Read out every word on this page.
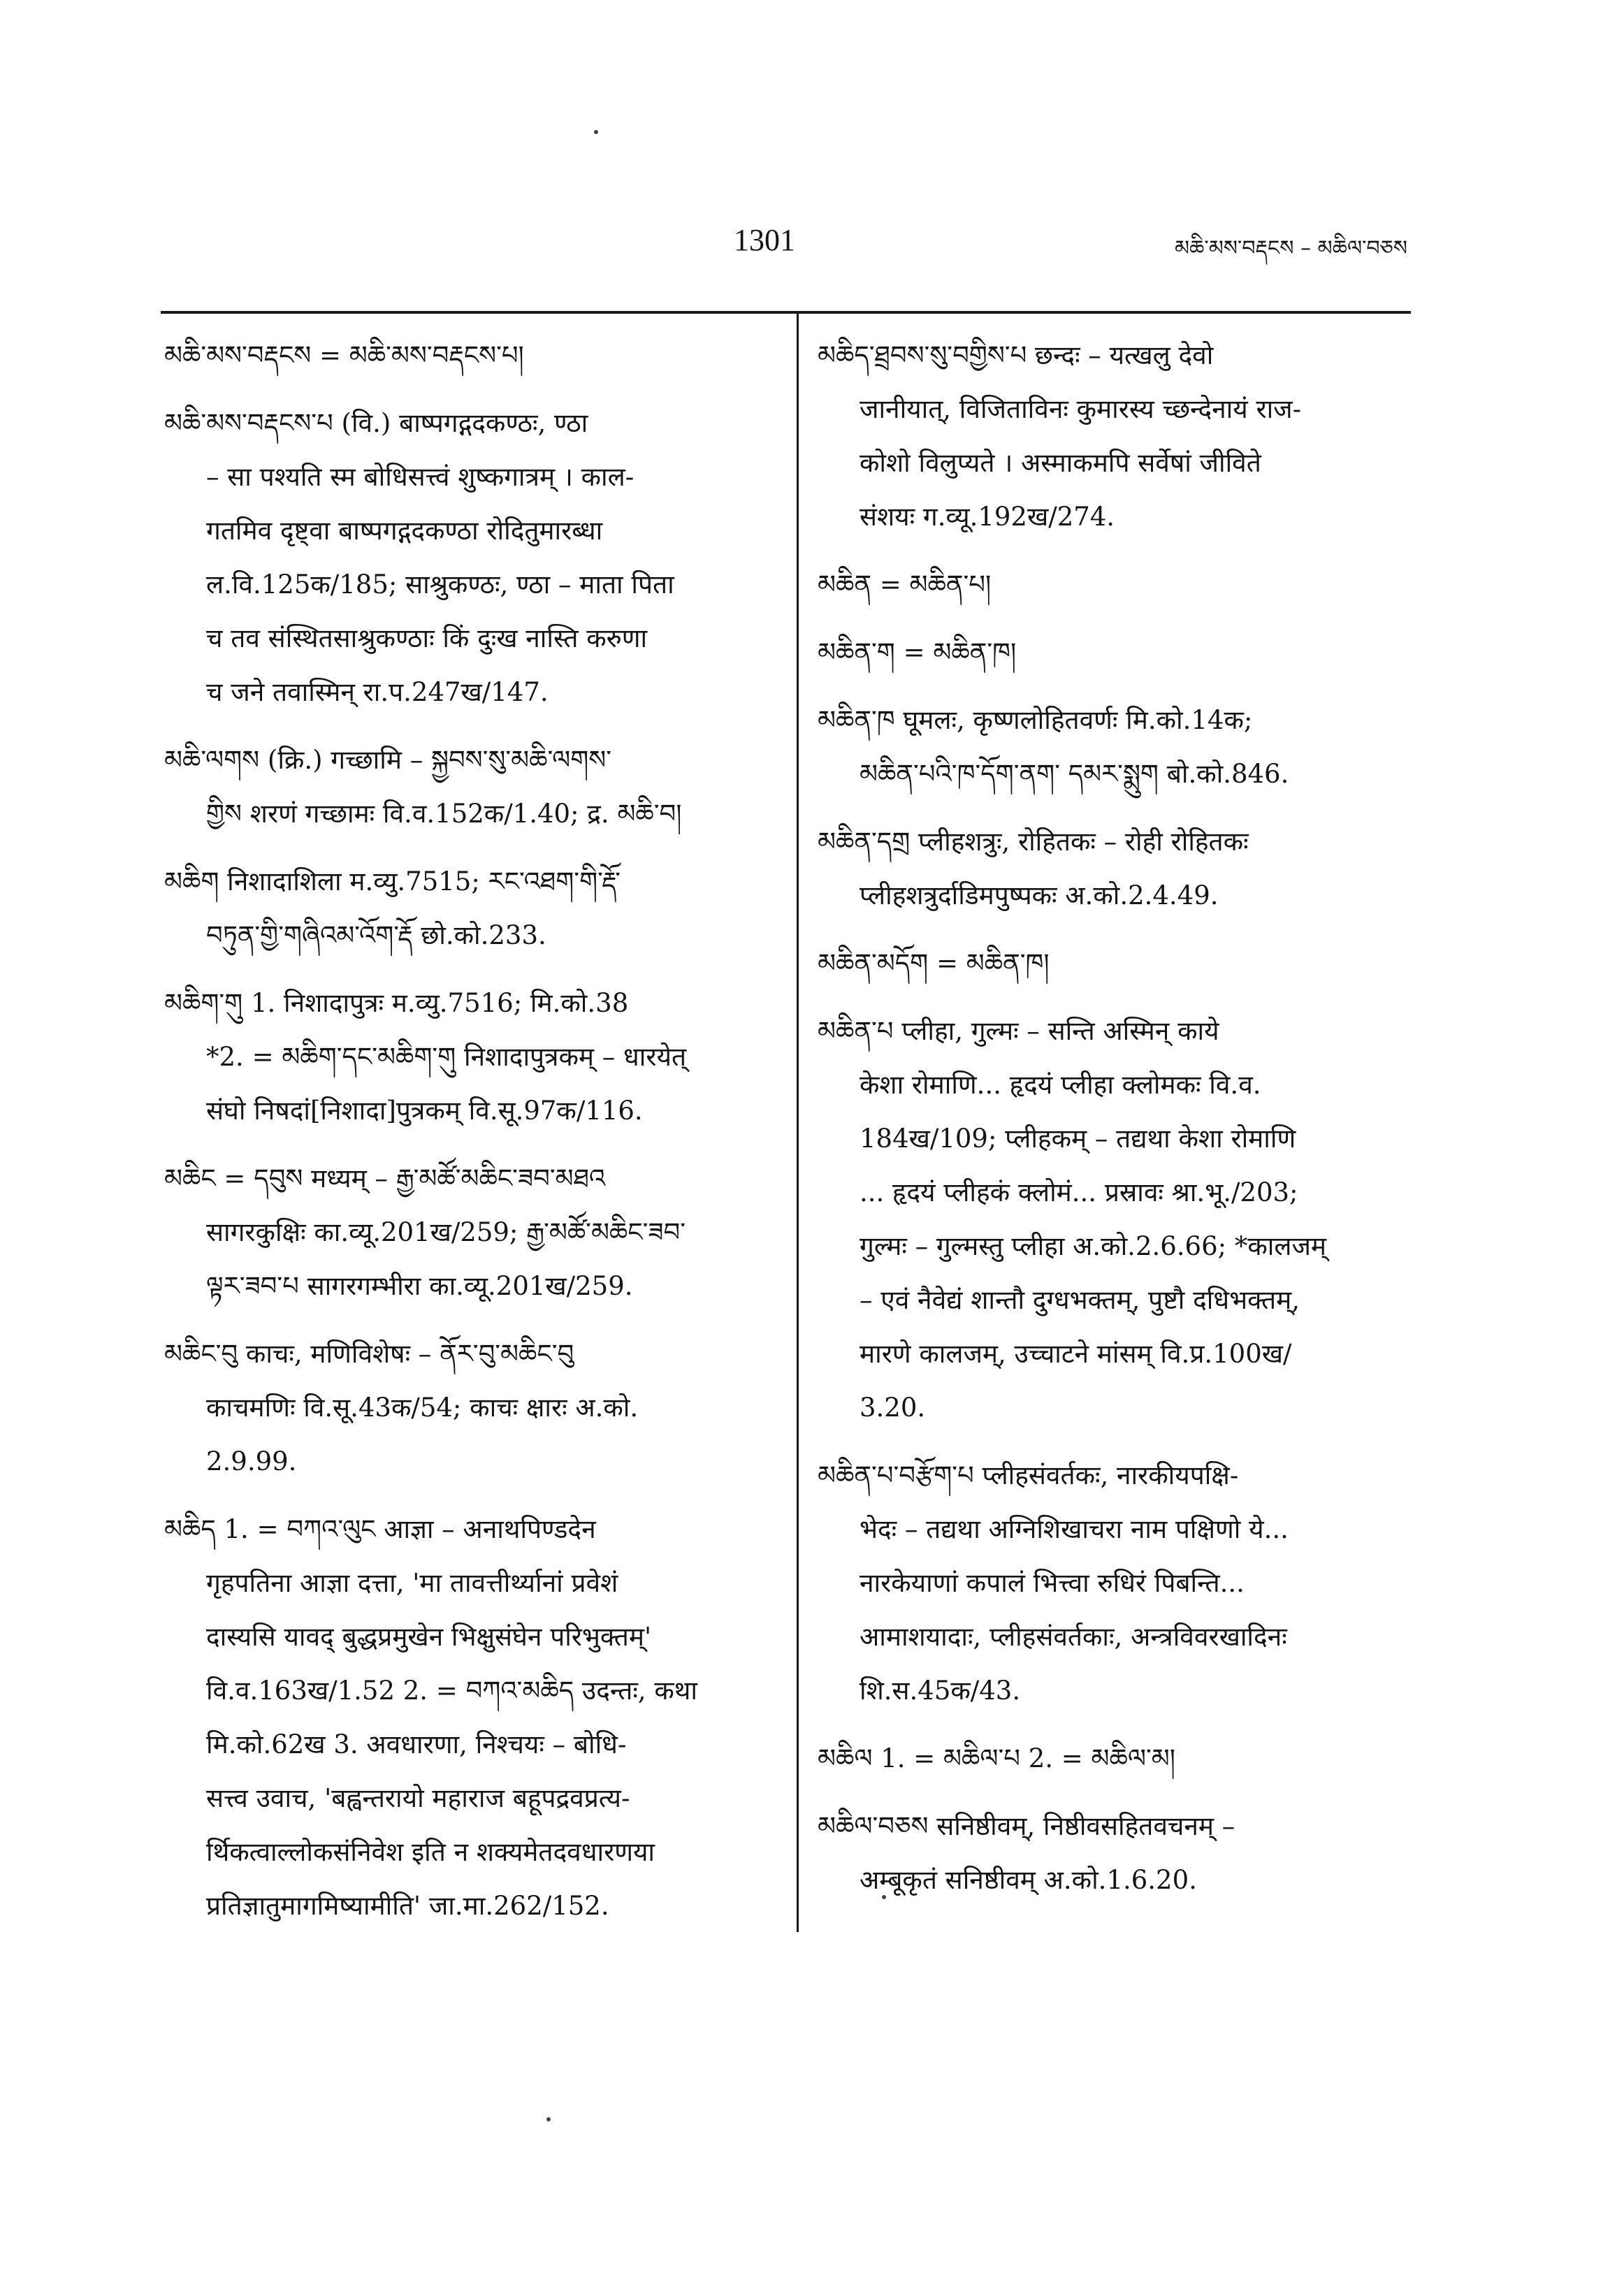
1301	མཆི་མས་བརྡངས – མཆིལ་བཅས
མཆི་མས་བརྡངས = མཆི་མས་བརྡངས་པ།
མཆི་མས་བརྡངས་པ (वि.) बाष्पगद्गदकण्ठः, ण्ठा
– सा पश्यति स्म बोधिसत्त्वं शुष्कगात्रम् । काल-
गतमिव दृष्ट्वा बाष्पगद्गदकण्ठा रोदितुमारब्धा
ल.वि.125क/185; साश्रुकण्ठः, ण्ठा – माता पिता
च तव संस्थितसाश्रुकण्ठाः किं दुःख नास्ति करुणा
च जने तवास्मिन् रा.प.247ख/147.
མཆི་ལགས (क्रि.) गच्छामि – སྐྱབས་སུ་མཆི་ལགས་
གྱིས शरणं गच्छामः वि.व.152क/1.40; द्र. མཆི་བ།
མཆིག निशादाशिला म.व्यु.7515; རང་འཐག་གི་རྡོ་
བཏུན་གྱི་གཞིའམ་འོག་རྡོ छो.को.233.
མཆིག་གུ 1. निशादापुत्रः म.व्यु.7516; मि.को.38
*2. = མཆིག་དང་མཆིག་གུ निशादापुत्रकम् – धारयेत्
संघो निषदां[निशादा]पुत्रकम् वि.सू.97क/116.
མཆིང = དབུས मध्यम् – རྒྱ་མཚོ་མཆིང་ཟབ་མཐའ
सागरकुक्षिः का.व्यू.201ख/259; རྒྱ་མཚོ་མཆིང་ཟབ་
ལྟར་ཟབ་པ सागरगम्भीरा का.व्यू.201ख/259.
མཆིང་བུ काचः, मणिविशेषः – ནོར་བུ་མཆིང་བུ
काचमणिः वि.सू.43क/54; काचः क्षारः अ.को.
2.9.99.
མཆིད 1. = བཀའ་ལུང आज्ञा – अनाथपिण्डदेन
गृहपतिना आज्ञा दत्ता, 'मा तावत्तीर्थ्यानां प्रवेशं
दास्यसि यावद् बुद्धप्रमुखेन भिक्षुसंघेन परिभुक्तम्'
वि.व.163ख/1.52 2. = བཀའ་མཆིད उदन्तः, कथा
मि.को.62ख 3. अवधारणा, निश्चयः – बोधि-
सत्त्व उवाच, 'बह्वन्तरायो महाराज बहूपद्रवप्रत्य-
र्थिकत्वाल्लोकसंनिवेश इति न शक्यमेतदवधारणया
प्रतिज्ञातुमागमिष्यामीति' जा.मा.262/152.
མཆིད་ཐྲབས་སུ་བགྱིས་པ छन्दः – यत्खलु देवो
जानीयात्, विजिताविनः कुमारस्य च्छन्देनायं राज-
कोशो विलुप्यते । अस्माकमपि सर्वेषां जीविते
संशयः ग.व्यू.192ख/274.
མཆིན = མཆིན་པ།
མཆིན་ག = མཆིན་ཁ།
མཆིན་ཁ घूमलः, कृष्णलोहितवर्णः मि.को.14क;
མཆིན་པའི་ཁ་དོག་ནག་ དམར་སྨུག बो.को.846.
མཆིན་དགྲ प्लीहशत्रुः, रोहितकः – रोही रोहितकः
प्लीहशत्रुर्दाडिमपुष्पकः अ.को.2.4.49.
མཆིན་མདོག = མཆིན་ཁ།
མཆིན་པ प्लीहा, गुल्मः – सन्ति अस्मिन् काये
केशा रोमाणि... हृदयं प्लीहा क्लोमकः वि.व.
184ख/109; प्लीहकम् – तद्यथा केशा रोमाणि
... हृदयं प्लीहकं क्लोमं... प्रस्रावः श्रा.भू./203;
गुल्मः – गुल्मस्तु प्लीहा अ.को.2.6.66; *कालजम्
– एवं नैवेद्यं शान्तौ दुग्धभक्तम्, पुष्टौ दधिभक्तम्,
मारणे कालजम्, उच्चाटने मांसम् वि.प्र.100ख/
3.20.
མཆིན་པ་བརྩོག་པ प्लीहसंवर्तकः, नारकीयपक्षि-
भेदः – तद्यथा अग्निशिखाचरा नाम पक्षिणो ये...
नारकेयाणां कपालं भित्त्वा रुधिरं पिबन्ति...
आमाशयादाः, प्लीहसंवर्तकाः, अन्त्रविवरखादिनः
शि.स.45क/43.
མཆིལ 1. = མཆིལ་པ 2. = མཆིལ་མ།
མཆིལ་བཅས सनिष्ठीवम्, निष्ठीवसहितवचनम् –
अम्बूकृतं सनिष्ठीवम् अ.को.1.6.20.
